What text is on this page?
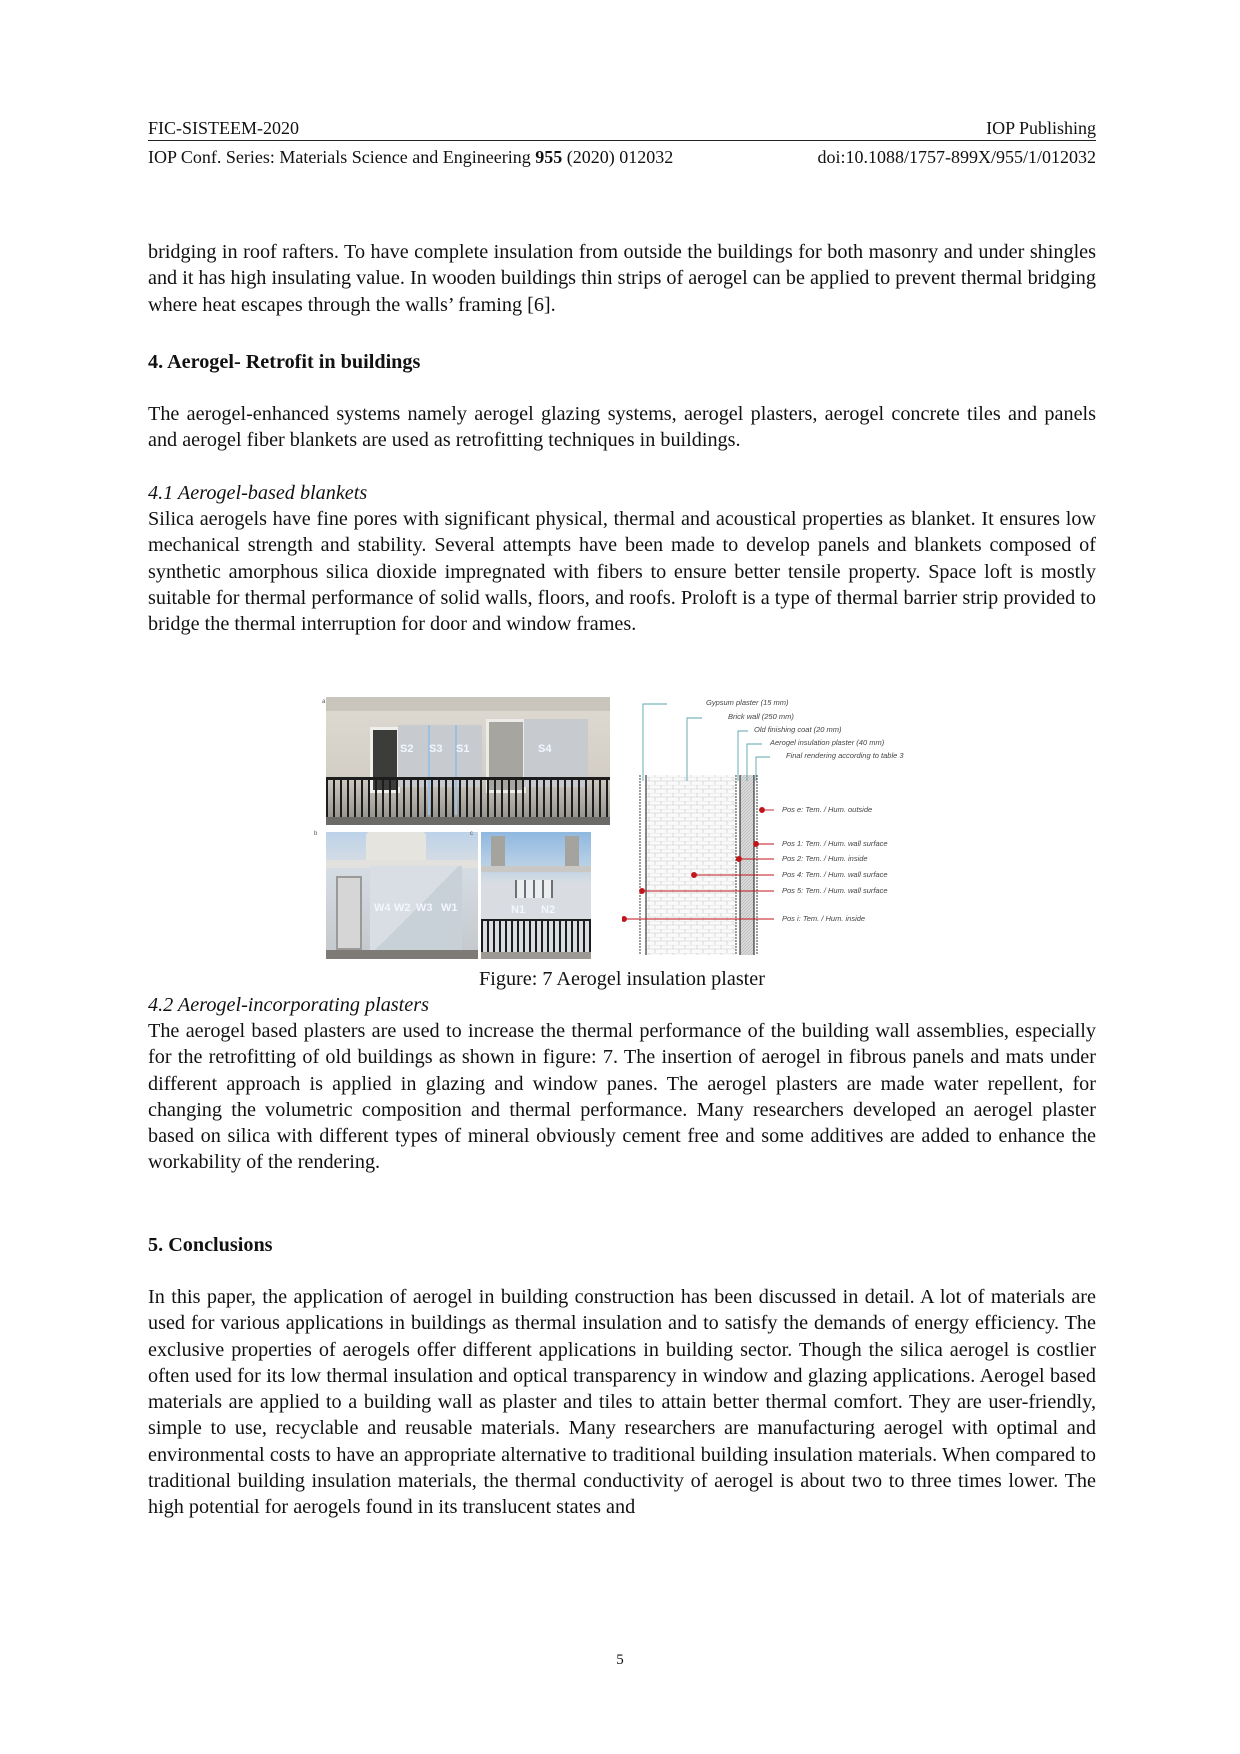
FIC-SISTEEM-2020	IOP Publishing
IOP Conf. Series: Materials Science and Engineering 955 (2020) 012032	doi:10.1088/1757-899X/955/1/012032

bridging in roof rafters. To have complete insulation from outside the buildings for both masonry and under shingles and it has high insulating value. In wooden buildings thin strips of aerogel can be applied to prevent thermal bridging where heat escapes through the walls’ framing [6].

4. Aerogel- Retrofit in buildings

The aerogel-enhanced systems namely aerogel glazing systems, aerogel plasters, aerogel concrete tiles and panels and aerogel fiber blankets are used as retrofitting techniques in buildings.

4.1 Aerogel-based blankets

Silica aerogels have fine pores with significant physical, thermal and acoustical properties as blanket. It ensures low mechanical strength and stability. Several attempts have been made to develop panels and blankets composed of synthetic amorphous silica dioxide impregnated with fibers to ensure better tensile property. Space loft is mostly suitable for thermal performance of solid walls, floors, and roofs. Proloft is a type of thermal barrier strip provided to bridge the thermal interruption for door and window frames.

a
S2 S3 S1	S4
b
W4 W2 W3 W1
c
N1 N2
Gypsum plaster (15 mm)
Brick wall (250 mm)
Old finishing coat (20 mm)
Aerogel insulation plaster (40 mm)
Final rendering according to table 3
Pos e: Tem. / Hum. outside
Pos 1: Tem. / Hum. wall surface
Pos 2: Tem. / Hum. inside
Pos 4: Tem. / Hum. wall surface
Pos 5: Tem. / Hum. wall surface
Pos i: Tem. / Hum. inside
Figure: 7 Aerogel insulation plaster
4.2 Aerogel-incorporating plasters

The aerogel based plasters are used to increase the thermal performance of the building wall assemblies, especially for the retrofitting of old buildings as shown in figure: 7. The insertion of aerogel in fibrous panels and mats under different approach is applied in glazing and window panes. The aerogel plasters are made water repellent, for changing the volumetric composition and thermal performance. Many researchers developed an aerogel plaster based on silica with different types of mineral obviously cement free and some additives are added to enhance the workability of the rendering.

5. Conclusions

In this paper, the application of aerogel in building construction has been discussed in detail. A lot of materials are used for various applications in buildings as thermal insulation and to satisfy the demands of energy efficiency. The exclusive properties of aerogels offer different applications in building sector. Though the silica aerogel is costlier often used for its low thermal insulation and optical transparency in window and glazing applications. Aerogel based materials are applied to a building wall as plaster and tiles to attain better thermal comfort. They are user-friendly, simple to use, recyclable and reusable materials. Many researchers are manufacturing aerogel with optimal and environmental costs to have an appropriate alternative to traditional building insulation materials. When compared to traditional building insulation materials, the thermal conductivity of aerogel is about two to three times lower. The high potential for aerogels found in its translucent states and

5
